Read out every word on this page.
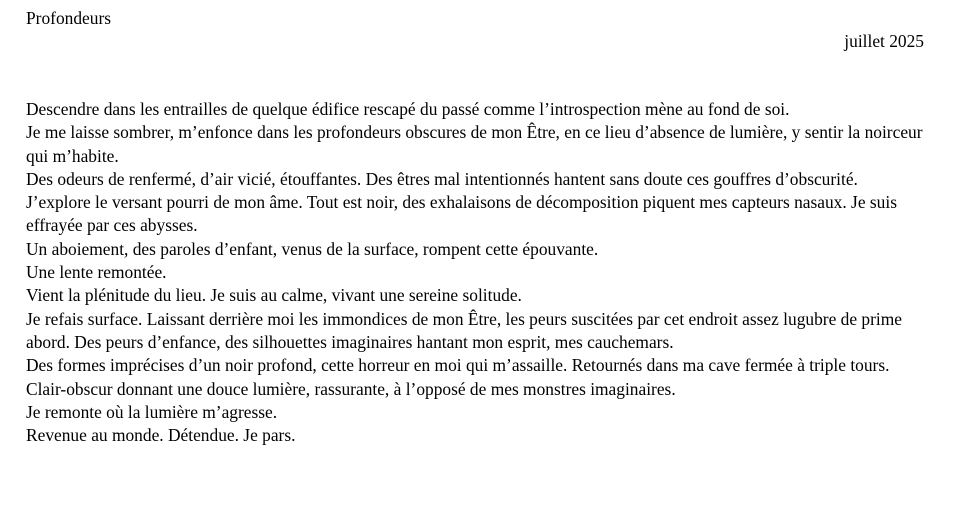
Profondeurs
juillet 2025

Descendre dans les entrailles de quelque édifice rescapé du passé comme l’introspection mène au fond de soi.

Je me laisse sombrer, m’enfonce dans les profondeurs obscures de mon Être, en ce lieu d’absence de lumière, y sentir la noirceur qui m’habite.

Des odeurs de renfermé, d’air vicié, étouffantes. Des êtres mal intentionnés hantent sans doute ces gouffres d’obscurité.

J’explore le versant pourri de mon âme. Tout est noir, des exhalaisons de décomposition piquent mes capteurs nasaux. Je suis effrayée par ces abysses.

Un aboiement, des paroles d’enfant, venus de la surface, rompent cette épouvante.

Une lente remontée.

Vient la plénitude du lieu. Je suis au calme, vivant une sereine solitude.

Je refais surface. Laissant derrière moi les immondices de mon Être, les peurs suscitées par cet endroit assez lugubre de prime abord. Des peurs d’enfance, des silhouettes imaginaires hantant mon esprit, mes cauchemars.

Des formes imprécises d’un noir profond, cette horreur en moi qui m’assaille. Retournés dans ma cave fermée à triple tours.

Clair-obscur donnant une douce lumière, rassurante, à l’opposé de mes monstres imaginaires.

Je remonte où la lumière m’agresse.

Revenue au monde. Détendue. Je pars.
